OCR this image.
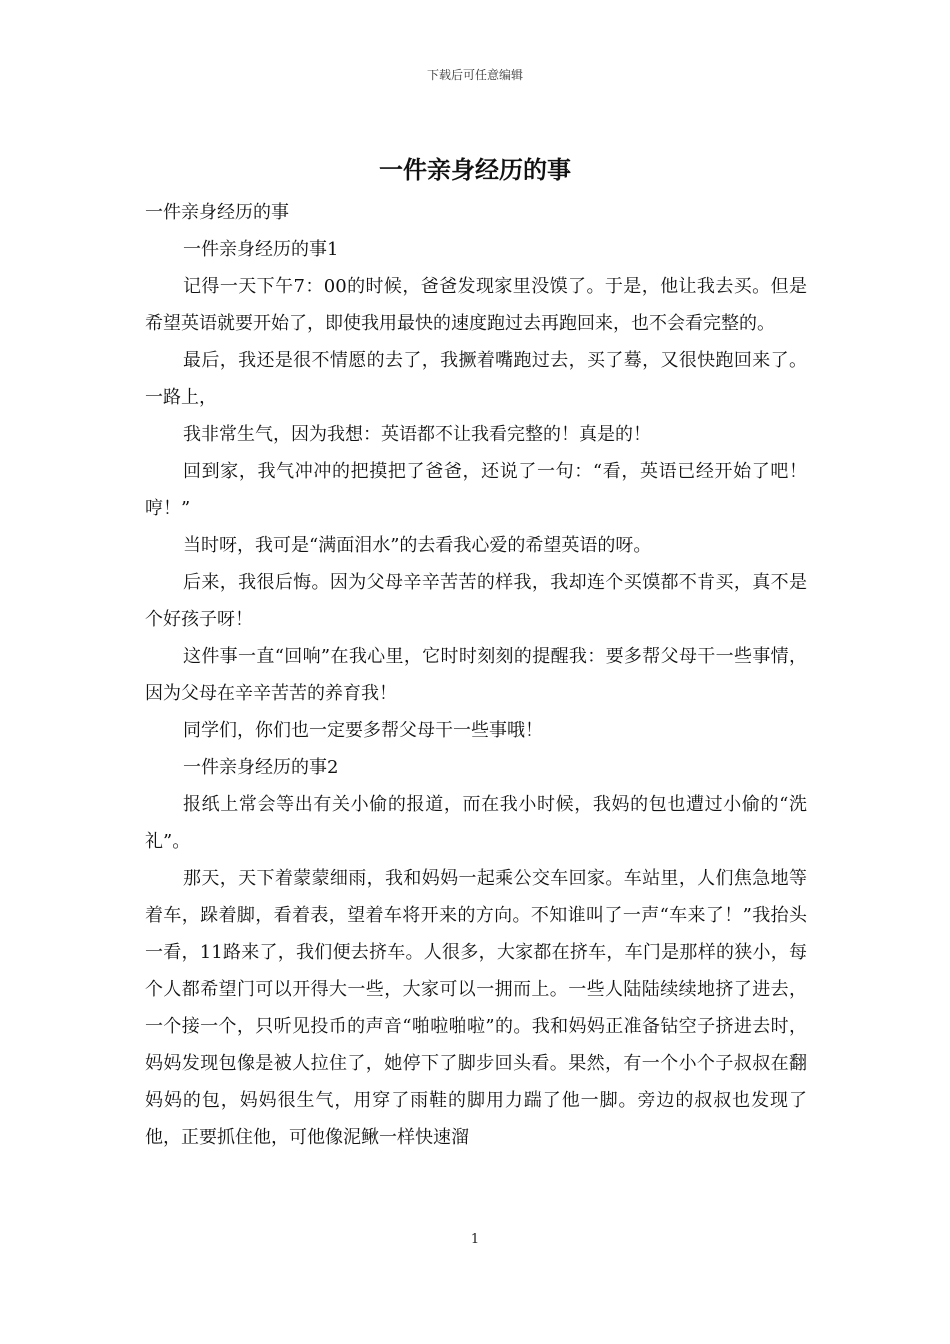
下载后可任意编辑
一件亲身经历的事

一件亲身经历的事

一件亲身经历的事1

记得一天下午7：00的时候，爸爸发现家里没馍了。于是，他让我去买。但是希望英语就要开始了，即使我用最快的速度跑过去再跑回来，也不会看完整的。

最后，我还是很不情愿的去了，我撅着嘴跑过去，买了蓦，又很快跑回来了。一路上，

我非常生气，因为我想：英语都不让我看完整的！真是的！

回到家，我气冲冲的把摸把了爸爸，还说了一句：“看，英语已经开始了吧！哼！”

当时呀，我可是“满面泪水”的去看我心爱的希望英语的呀。

后来，我很后悔。因为父母辛辛苦苦的样我，我却连个买馍都不肯买，真不是个好孩子呀！

这件事一直“回响”在我心里，它时时刻刻的提醒我：要多帮父母干一些事情，因为父母在辛辛苦苦的养育我！

同学们，你们也一定要多帮父母干一些事哦！

一件亲身经历的事2

报纸上常会等出有关小偷的报道，而在我小时候，我妈的包也遭过小偷的“洗礼”。

那天，天下着蒙蒙细雨，我和妈妈一起乘公交车回家。车站里，人们焦急地等着车，跺着脚，看着表，望着车将开来的方向。不知谁叫了一声“车来了！”我抬头一看，11路来了，我们便去挤车。人很多，大家都在挤车，车门是那样的狭小，每个人都希望门可以开得大一些，大家可以一拥而上。一些人陆陆续续地挤了进去，一个接一个，只听见投币的声音“啪啦啪啦”的。我和妈妈正准备钻空子挤进去时，妈妈发现包像是被人拉住了，她停下了脚步回头看。果然，有一个小个子叔叔在翻妈妈的包，妈妈很生气，用穿了雨鞋的脚用力踹了他一脚。旁边的叔叔也发现了他，正要抓住他，可他像泥鳅一样快速溜

1
